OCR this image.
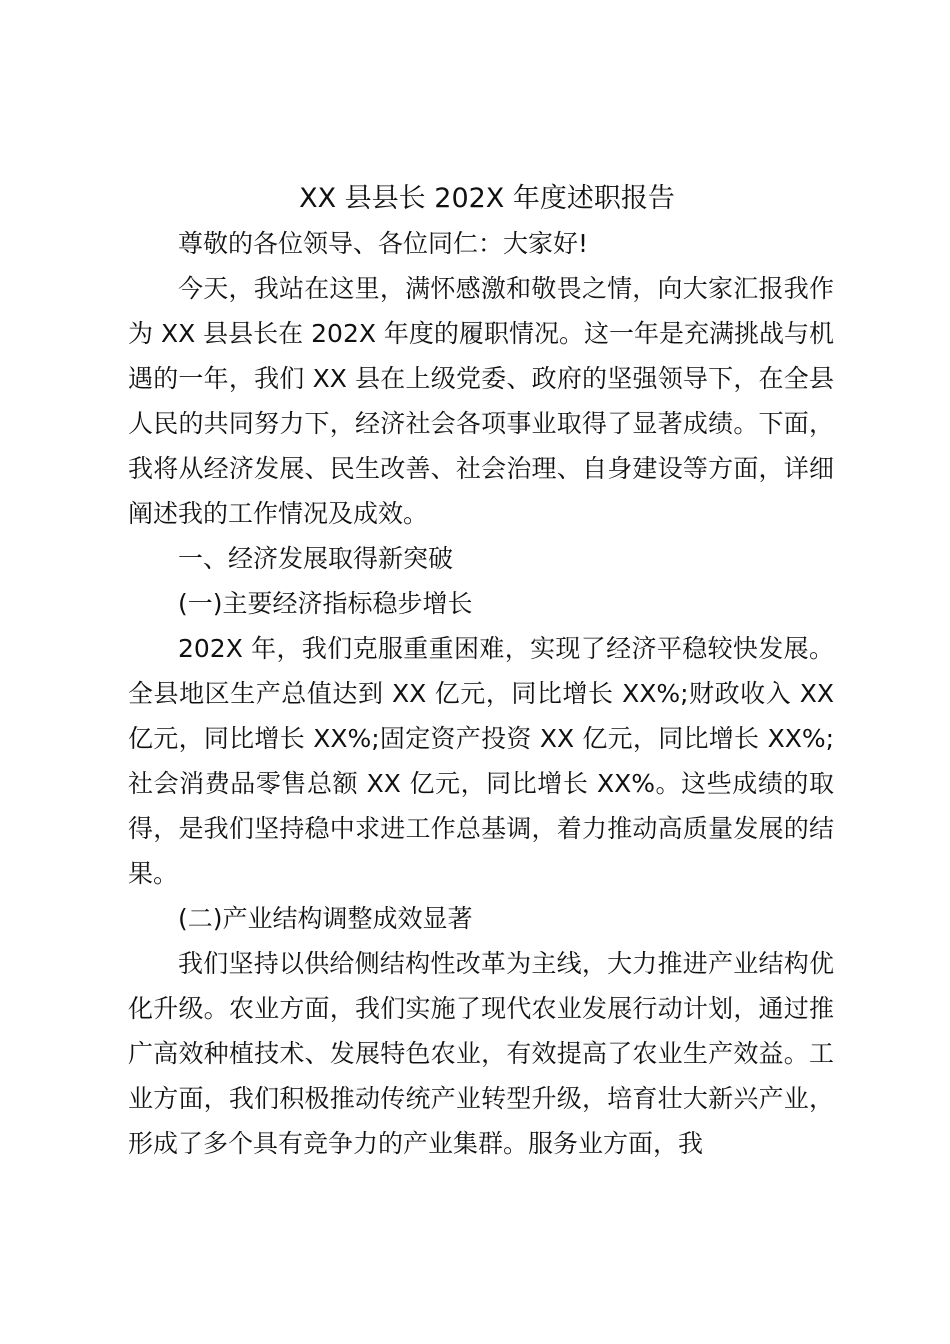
XX 县县长 202X 年度述职报告

尊敬的各位领导、各位同仁：大家好!

今天，我站在这里，满怀感激和敬畏之情，向大家汇报我作为 XX 县县长在 202X 年度的履职情况。这一年是充满挑战与机遇的一年，我们 XX 县在上级党委、政府的坚强领导下，在全县人民的共同努力下，经济社会各项事业取得了显著成绩。下面，我将从经济发展、民生改善、社会治理、自身建设等方面，详细阐述我的工作情况及成效。

一、经济发展取得新突破

(一)主要经济指标稳步增长

202X 年，我们克服重重困难，实现了经济平稳较快发展。全县地区生产总值达到 XX 亿元，同比增长 XX%;财政收入 XX 亿元，同比增长 XX%;固定资产投资 XX 亿元，同比增长 XX%;社会消费品零售总额 XX 亿元，同比增长 XX%。这些成绩的取得，是我们坚持稳中求进工作总基调，着力推动高质量发展的结果。

(二)产业结构调整成效显著

我们坚持以供给侧结构性改革为主线，大力推进产业结构优化升级。农业方面，我们实施了现代农业发展行动计划，通过推广高效种植技术、发展特色农业，有效提高了农业生产效益。工业方面，我们积极推动传统产业转型升级，培育壮大新兴产业，形成了多个具有竞争力的产业集群。服务业方面，我
